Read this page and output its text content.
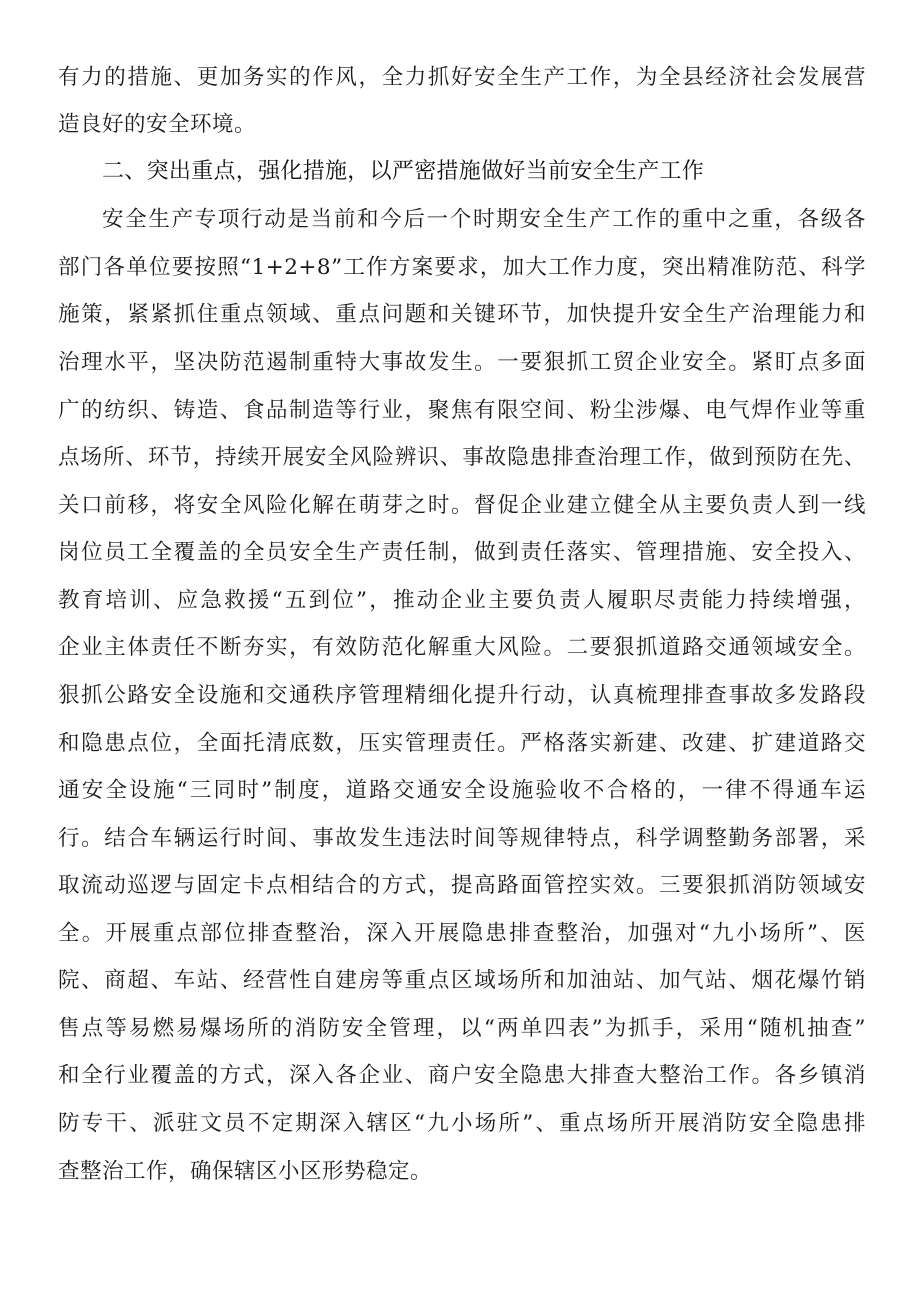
有力的措施、更加务实的作风，全力抓好安全生产工作，为全县经济社会发展营
造良好的安全环境。
二、突出重点，强化措施，以严密措施做好当前安全生产工作
安全生产专项行动是当前和今后一个时期安全生产工作的重中之重，各级各
部门各单位要按照“1+2+8”工作方案要求，加大工作力度，突出精准防范、科学
施策，紧紧抓住重点领域、重点问题和关键环节，加快提升安全生产治理能力和
治理水平，坚决防范遏制重特大事故发生。一要狠抓工贸企业安全。紧盯点多面
广的纺织、铸造、食品制造等行业，聚焦有限空间、粉尘涉爆、电气焊作业等重
点场所、环节，持续开展安全风险辨识、事故隐患排查治理工作，做到预防在先、
关口前移，将安全风险化解在萌芽之时。督促企业建立健全从主要负责人到一线
岗位员工全覆盖的全员安全生产责任制，做到责任落实、管理措施、安全投入、
教育培训、应急救援“五到位”，推动企业主要负责人履职尽责能力持续增强，
企业主体责任不断夯实，有效防范化解重大风险。二要狠抓道路交通领域安全。
狠抓公路安全设施和交通秩序管理精细化提升行动，认真梳理排查事故多发路段
和隐患点位，全面托清底数，压实管理责任。严格落实新建、改建、扩建道路交
通安全设施“三同时”制度，道路交通安全设施验收不合格的，一律不得通车运
行。结合车辆运行时间、事故发生违法时间等规律特点，科学调整勤务部署，采
取流动巡逻与固定卡点相结合的方式，提高路面管控实效。三要狠抓消防领域安
全。开展重点部位排查整治，深入开展隐患排查整治，加强对“九小场所”、医
院、商超、车站、经营性自建房等重点区域场所和加油站、加气站、烟花爆竹销
售点等易燃易爆场所的消防安全管理，以“两单四表”为抓手，采用“随机抽查”
和全行业覆盖的方式，深入各企业、商户安全隐患大排查大整治工作。各乡镇消
防专干、派驻文员不定期深入辖区“九小场所”、重点场所开展消防安全隐患排
查整治工作，确保辖区小区形势稳定。
